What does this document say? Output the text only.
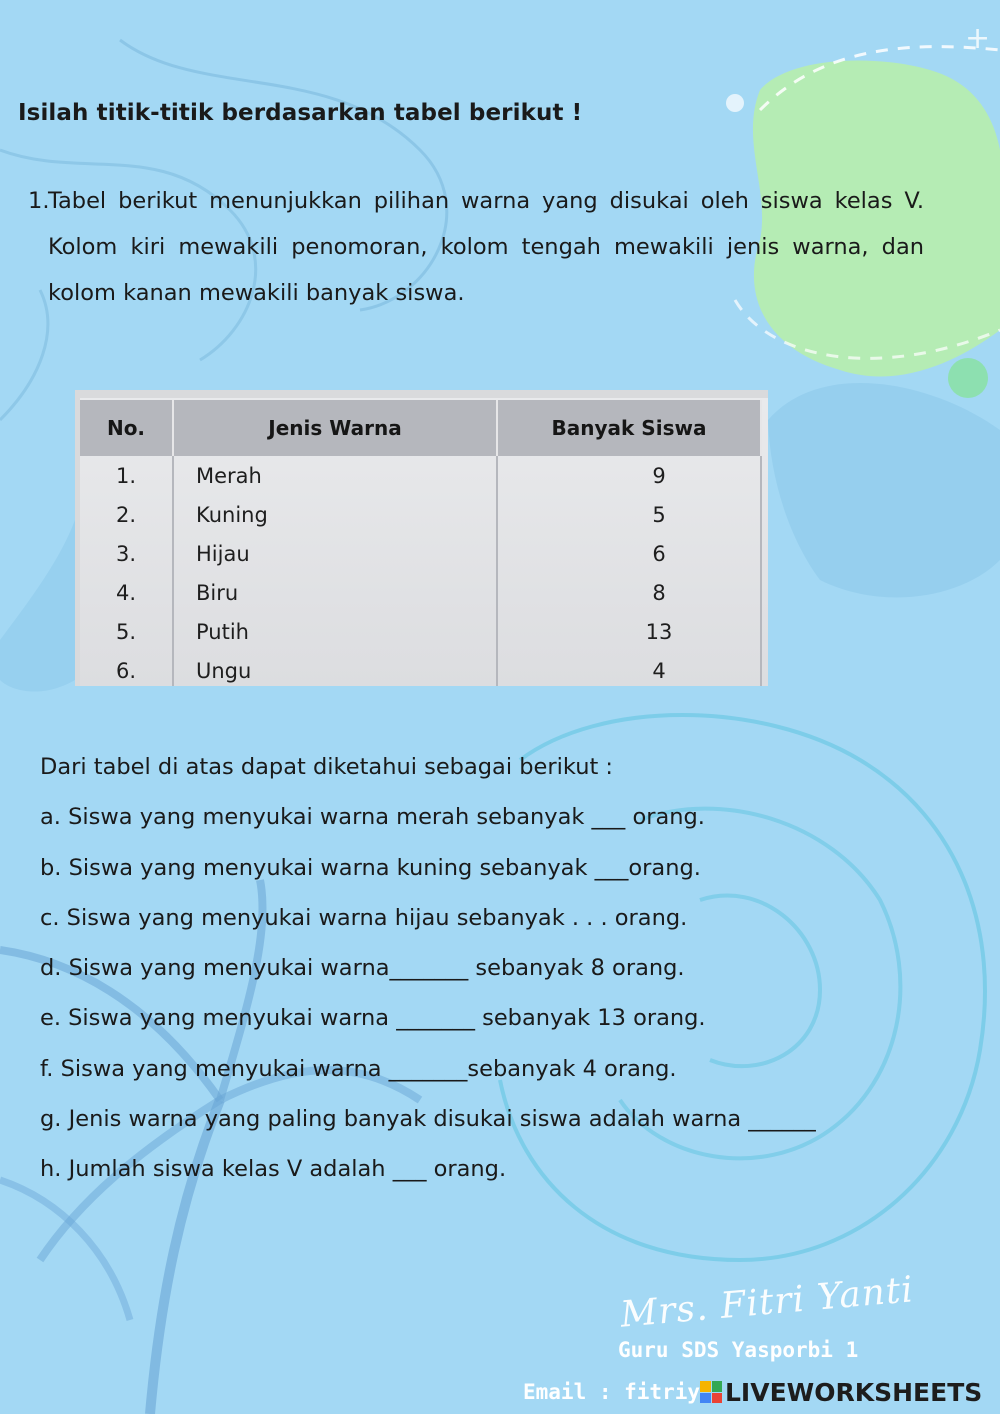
+
Isilah titik-titik berdasarkan tabel berikut !
1.
Tabel berikut menunjukkan pilihan warna yang disukai oleh siswa kelas V. Kolom kiri mewakili penomoran, kolom tengah mewakili jenis warna, dan kolom kanan mewakili banyak siswa.
No.	Jenis Warna	Banyak Siswa
1.	Merah	9
2.	Kuning	5
3.	Hijau	6
4.	Biru	8
5.	Putih	13
6.	Ungu	4
Dari tabel di atas dapat diketahui sebagai berikut :
a. Siswa yang menyukai warna merah sebanyak ___ orang.
b. Siswa yang menyukai warna kuning sebanyak ___orang.
c. Siswa yang menyukai warna hijau sebanyak . . . orang.
d. Siswa yang menyukai warna_______ sebanyak 8 orang.
e. Siswa yang menyukai warna _______ sebanyak 13 orang.
f. Siswa yang menyukai warna _______sebanyak 4 orang.
g. Jenis warna yang paling banyak disukai siswa adalah warna ______
h. Jumlah siswa kelas V adalah ___ orang.
Mrs. Fitri Yanti
Guru SDS Yasporbi 1
Email : fitriy LIVEWORKSHEETS
